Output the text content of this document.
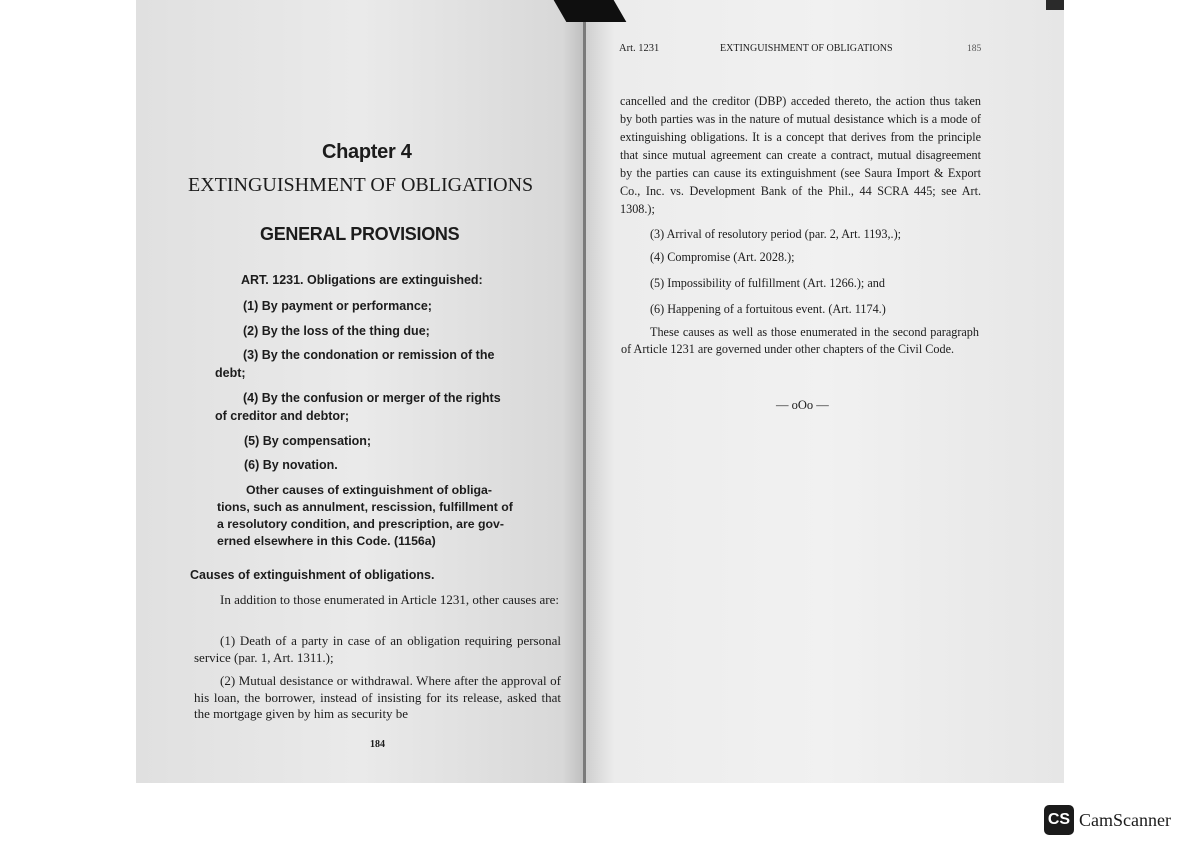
Chapter 4
EXTINGUISHMENT OF OBLIGATIONS
GENERAL PROVISIONS
ART. 1231. Obligations are extinguished:
(1) By payment or performance;
(2) By the loss of the thing due;
(3) By the condonation or remission of the
debt;
(4) By the confusion or merger of the rights
of creditor and debtor;
(5) By compensation;
(6) By novation.
Other causes of extinguishment of obliga-
tions, such as annulment, rescission, fulfillment of
a resolutory condition, and prescription, are gov-
erned elsewhere in this Code. (1156a)
Causes of extinguishment of obligations.
In addition to those enumerated in Article 1231, other causes are:
(1) Death of a party in case of an obligation requiring personal service (par. 1, Art. 1311.);
(2) Mutual desistance or withdrawal. Where after the approval of his loan, the borrower, instead of insisting for its release, asked that the mortgage given by him as security be
184
Art. 1231	EXTINGUISHMENT OF OBLIGATIONS	185
cancelled and the creditor (DBP) acceded thereto, the action thus taken by both parties was in the nature of mutual desistance which is a mode of extinguishing obligations. It is a concept that derives from the principle that since mutual agreement can create a contract, mutual disagreement by the parties can cause its extinguishment (see Saura Import & Export Co., Inc. vs. Development Bank of the Phil., 44 SCRA 445; see Art. 1308.);
(3) Arrival of resolutory period (par. 2, Art. 1193,.);
(4) Compromise (Art. 2028.);
(5) Impossibility of fulfillment (Art. 1266.); and
(6) Happening of a fortuitous event. (Art. 1174.)
These causes as well as those enumerated in the second paragraph of Article 1231 are governed under other chapters of the Civil Code.
— oOo —
CS CamScanner
